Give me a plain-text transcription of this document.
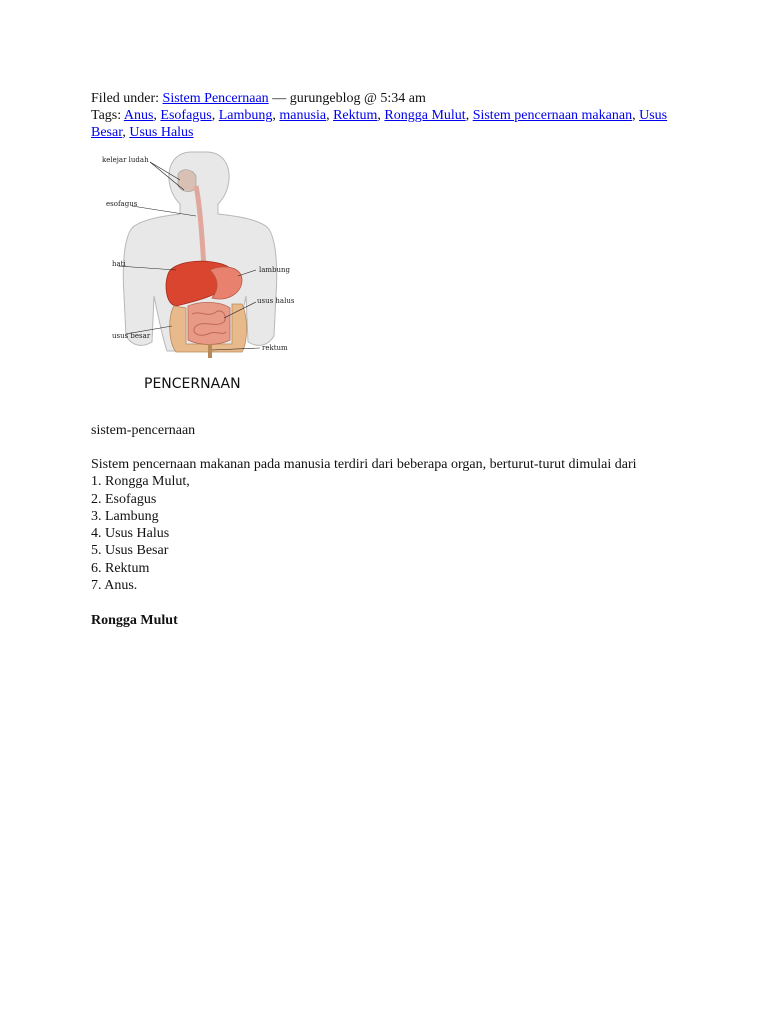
Filed under: Sistem Pencernaan — gurungeblog @ 5:34 am
Tags: Anus, Esofagus, Lambung, manusia, Rektum, Rongga Mulut, Sistem pencernaan makanan, Usus Besar, Usus Halus
kelejar ludah
esofagus
hati
lambung
usus halus
usus besar
rektum
PENCERNAAN
sistem-pencernaan
Sistem pencernaan makanan pada manusia terdiri dari beberapa organ, berturut-turut dimulai dari
1. Rongga Mulut,
2. Esofagus
3. Lambung
4. Usus Halus
5. Usus Besar
6. Rektum
7. Anus.
Rongga Mulut
